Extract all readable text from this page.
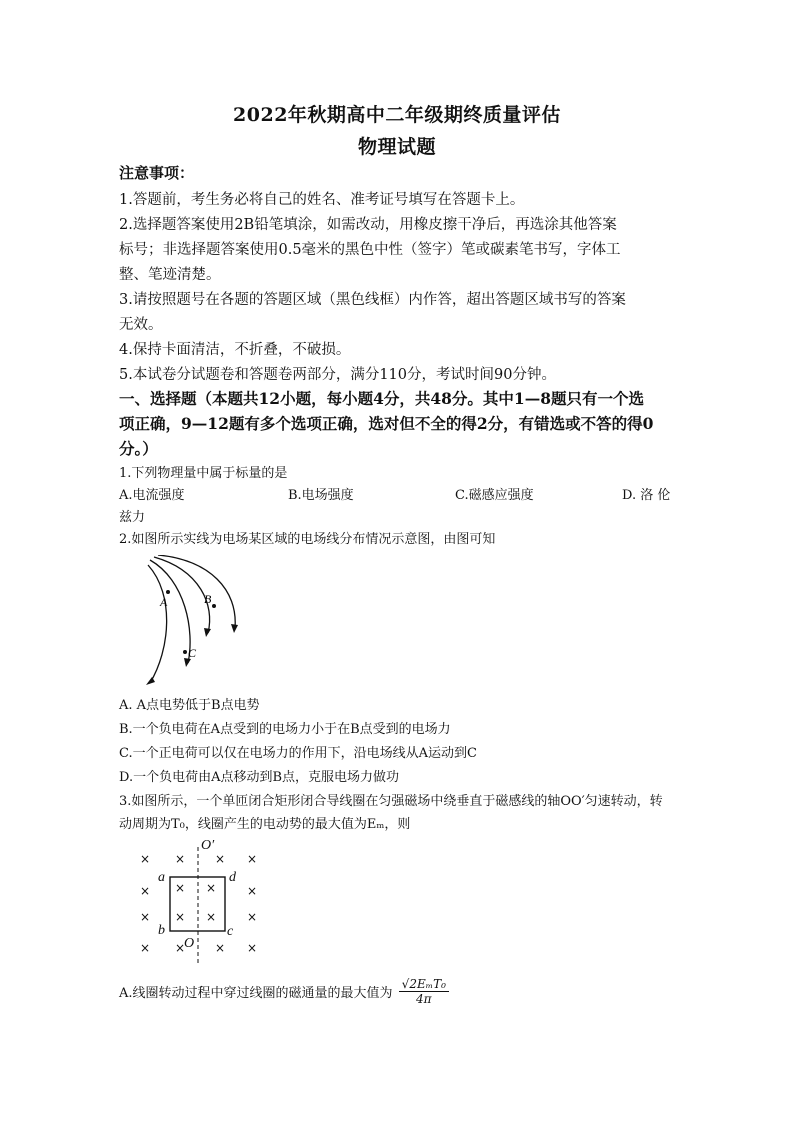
2022年秋期高中二年级期终质量评估
物理试题
注意事项：
1.答题前，考生务必将自己的姓名、准考证号填写在答题卡上。
2.选择题答案使用2B铅笔填涂，如需改动，用橡皮擦干净后，再选涂其他答案
标号；非选择题答案使用0.5毫米的黑色中性（签字）笔或碳素笔书写，字体工
整、笔迹清楚。
3.请按照题号在各题的答题区域（黑色线框）内作答，超出答题区域书写的答案
无效。
4.保持卡面清洁，不折叠，不破损。
5.本试卷分试题卷和答题卷两部分，满分110分，考试时间90分钟。
一、选择题（本题共12小题，每小题4分，共48分。其中1—8题只有一个选
项正确，9—12题有多个选项正确，选对但不全的得2分，有错选或不答的得0
分。）
1.下列物理量中属于标量的是
A.电流强度	B.电场强度	C.磁感应强度	D. 洛 伦
兹力
2.如图所示实线为电场某区域的电场线分布情况示意图，由图可知
A	B
C
A. A点电势低于B点电势
B.一个负电荷在A点受到的电场力小于在B点受到的电场力
C.一个正电荷可以仅在电场力的作用下，沿电场线从A运动到C
D.一个负电荷由A点移动到B点，克服电场力做功
3.如图所示，一个单匝闭合矩形闭合导线圈在匀强磁场中绕垂直于磁感线的轴OO′匀速转动，转
动周期为T₀，线圈产生的电动势的最大值为Eₘ，则
× × × ×
×	×
×	×
× × × ×
× ×
× ×
O′
a	d
b	c
O
A.线圈转动过程中穿过线圈的磁通量的最大值为 $\frac{\text{√2EₘT₀}}{4\pi}$
